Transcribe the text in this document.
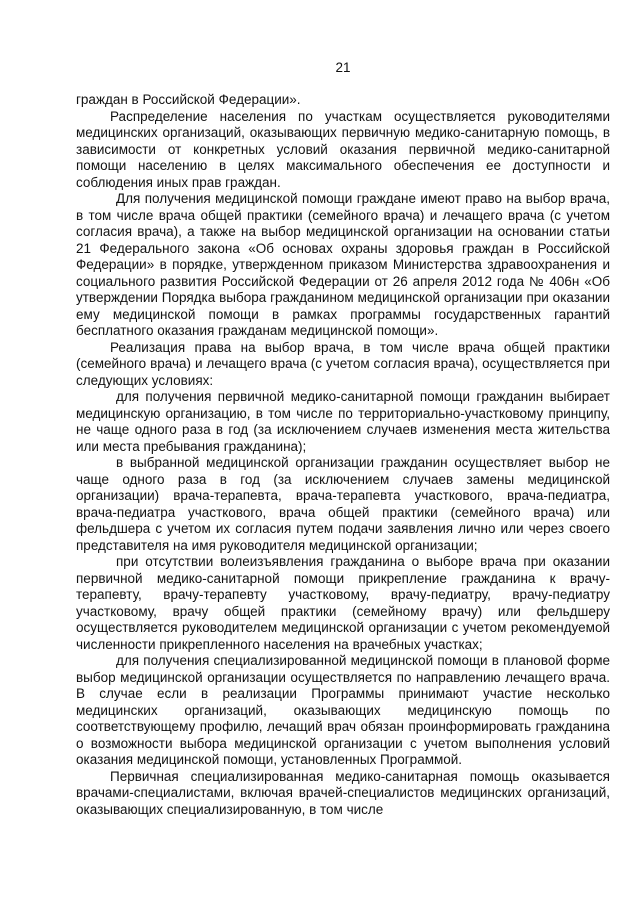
21

граждан в Российской Федерации».

Распределение населения по участкам осуществляется руководителями медицинских организаций, оказывающих первичную медико-санитарную помощь, в зависимости от конкретных условий оказания первичной медико-санитарной помощи населению в целях максимального обеспечения ее доступности и соблюдения иных прав граждан.

Для получения медицинской помощи граждане имеют право на выбор врача, в том числе врача общей практики (семейного врача) и лечащего врача (с учетом согласия врача), а также на выбор медицинской организации на основании статьи 21 Федерального закона «Об основах охраны здоровья граждан в Российской Федерации» в порядке, утвержденном приказом Министерства здравоохранения и социального развития Российской Федерации от 26 апреля 2012 года № 406н «Об утверждении Порядка выбора гражданином медицинской организации при оказании ему медицинской помощи в рамках программы государственных гарантий бесплатного оказания гражданам медицинской помощи».

Реализация права на выбор врача, в том числе врача общей практики (семейного врача) и лечащего врача (с учетом согласия врача), осуществляется при следующих условиях:

для получения первичной медико-санитарной помощи гражданин выбирает медицинскую организацию, в том числе по территориально-участковому принципу, не чаще одного раза в год (за исключением случаев изменения места жительства или места пребывания гражданина);

в выбранной медицинской организации гражданин осуществляет выбор не чаще одного раза в год (за исключением случаев замены медицинской организации) врача-терапевта, врача-терапевта участкового, врача-педиатра, врача-педиатра участкового, врача общей практики (семейного врача) или фельдшера с учетом их согласия путем подачи заявления лично или через своего представителя на имя руководителя медицинской организации;

при отсутствии волеизъявления гражданина о выборе врача при оказании первичной медико-санитарной помощи прикрепление гражданина к врачу-терапевту, врачу-терапевту участковому, врачу-педиатру, врачу-педиатру участковому, врачу общей практики (семейному врачу) или фельдшеру осуществляется руководителем медицинской организации с учетом рекомендуемой численности прикрепленного населения на врачебных участках;

для получения специализированной медицинской помощи в плановой форме выбор медицинской организации осуществляется по направлению лечащего врача. В случае если в реализации Программы принимают участие несколько медицинских организаций, оказывающих медицинскую помощь по соответствующему профилю, лечащий врач обязан проинформировать гражданина о возможности выбора медицинской организации с учетом выполнения условий оказания медицинской помощи, установленных Программой.

Первичная специализированная медико-санитарная помощь оказывается врачами-специалистами, включая врачей-специалистов медицинских организаций, оказывающих специализированную, в том числе
